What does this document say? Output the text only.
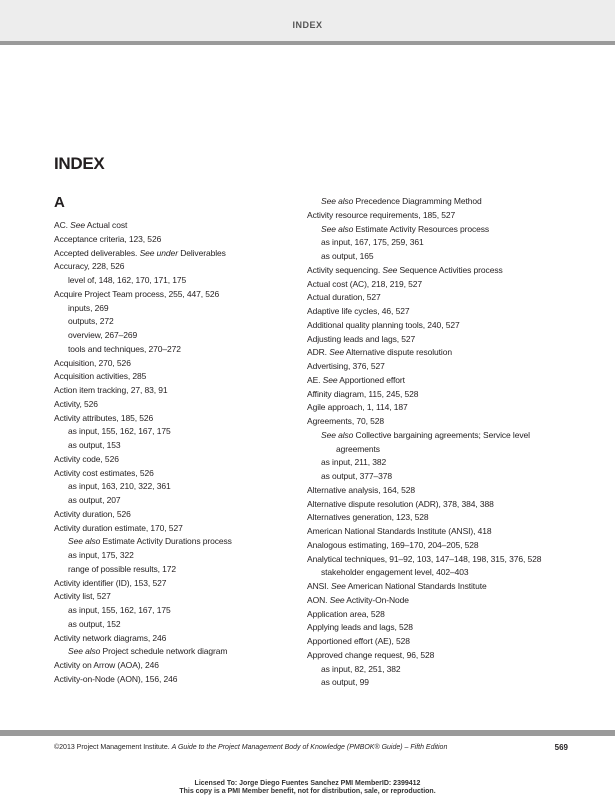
INDEX
INDEX
A
AC. See Actual cost
Acceptance criteria, 123, 526
Accepted deliverables. See under Deliverables
Accuracy, 228, 526
level of, 148, 162, 170, 171, 175
Acquire Project Team process, 255, 447, 526
inputs, 269
outputs, 272
overview, 267–269
tools and techniques, 270–272
Acquisition, 270, 526
Acquisition activities, 285
Action item tracking, 27, 83, 91
Activity, 526
Activity attributes, 185, 526
as input, 155, 162, 167, 175
as output, 153
Activity code, 526
Activity cost estimates, 526
as input, 163, 210, 322, 361
as output, 207
Activity duration, 526
Activity duration estimate, 170, 527
See also Estimate Activity Durations process
as input, 175, 322
range of possible results, 172
Activity identifier (ID), 153, 527
Activity list, 527
as input, 155, 162, 167, 175
as output, 152
Activity network diagrams, 246
See also Project schedule network diagram
Activity on Arrow (AOA), 246
Activity-on-Node (AON), 156, 246
See also Precedence Diagramming Method
Activity resource requirements, 185, 527
See also Estimate Activity Resources process
as input, 167, 175, 259, 361
as output, 165
Activity sequencing. See Sequence Activities process
Actual cost (AC), 218, 219, 527
Actual duration, 527
Adaptive life cycles, 46, 527
Additional quality planning tools, 240, 527
Adjusting leads and lags, 527
ADR. See Alternative dispute resolution
Advertising, 376, 527
AE. See Apportioned effort
Affinity diagram, 115, 245, 528
Agile approach, 1, 114, 187
Agreements, 70, 528
See also Collective bargaining agreements; Service level
agreements
as input, 211, 382
as output, 377–378
Alternative analysis, 164, 528
Alternative dispute resolution (ADR), 378, 384, 388
Alternatives generation, 123, 528
American National Standards Institute (ANSI), 418
Analogous estimating, 169–170, 204–205, 528
Analytical techniques, 91–92, 103, 147–148, 198, 315, 376, 528
stakeholder engagement level, 402–403
ANSI. See American National Standards Institute
AON. See Activity-On-Node
Application area, 528
Applying leads and lags, 528
Apportioned effort (AE), 528
Approved change request, 96, 528
as input, 82, 251, 382
as output, 99
©2013 Project Management Institute. A Guide to the Project Management Body of Knowledge (PMBOK® Guide) – Fifth Edition	569
Licensed To: Jorge Diego Fuentes Sanchez PMI MemberID: 2399412
This copy is a PMI Member benefit, not for distribution, sale, or reproduction.
